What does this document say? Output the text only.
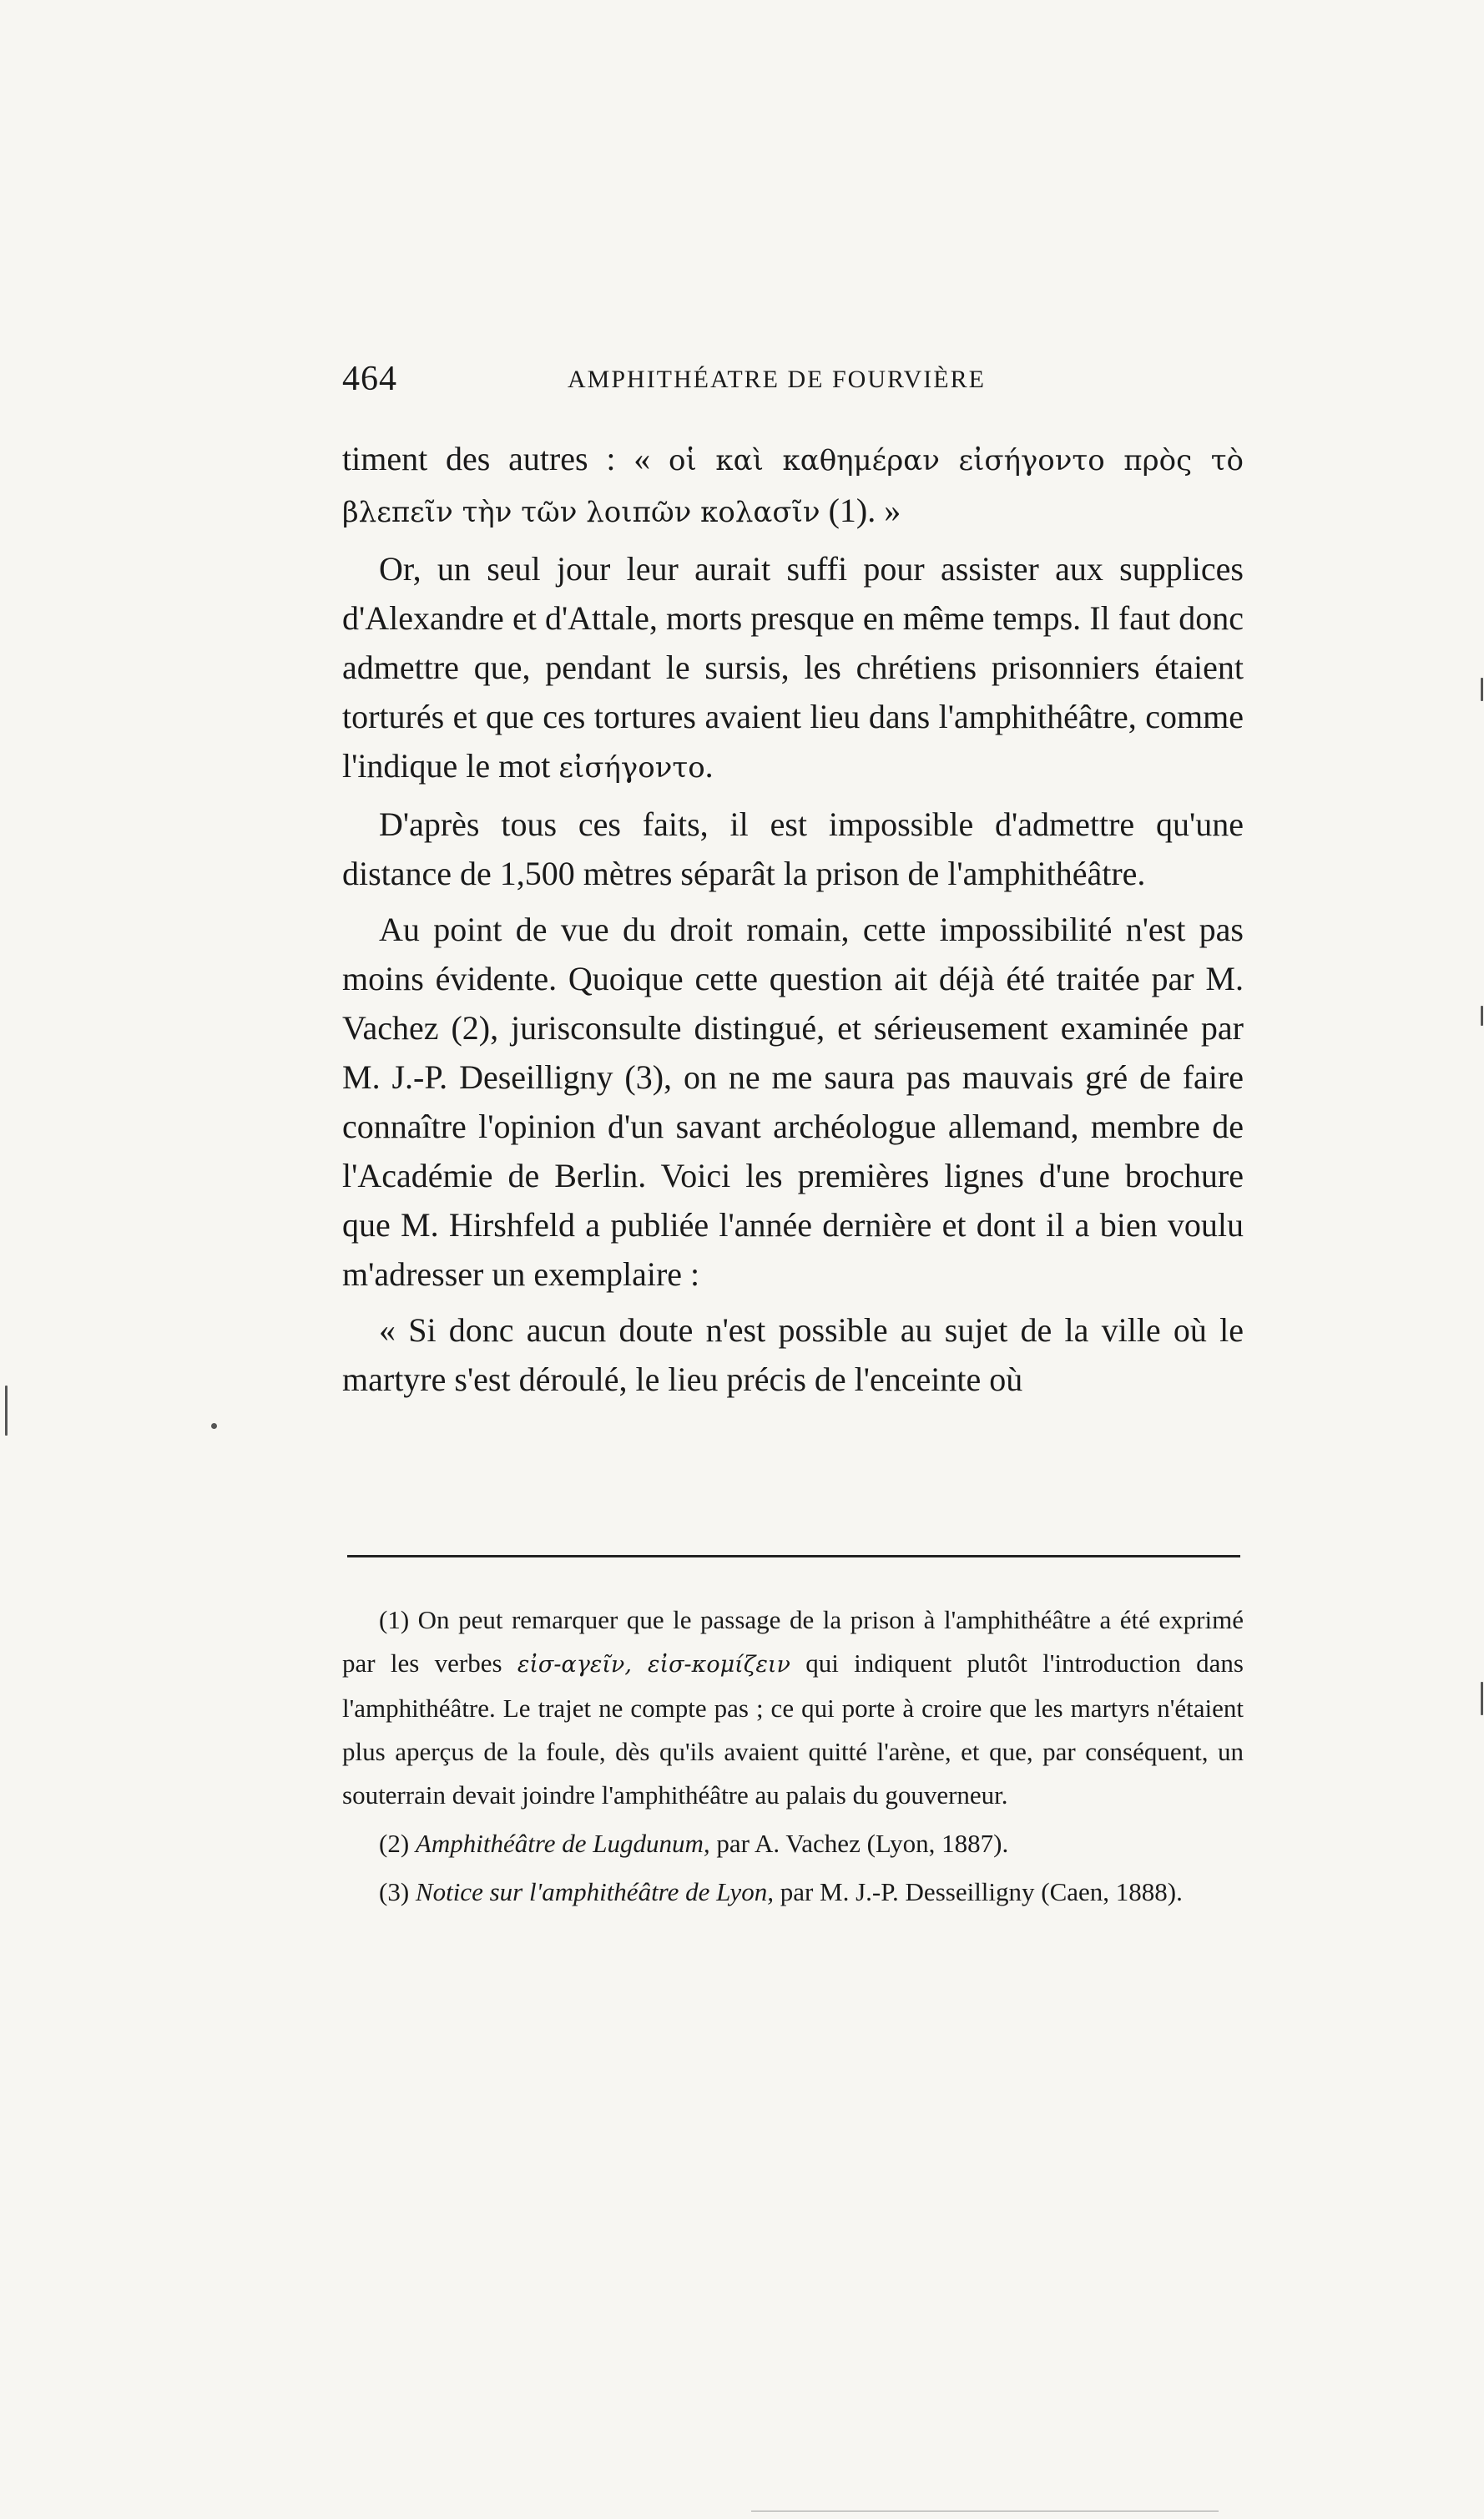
464	AMPHITHÉATRE DE FOURVIÈRE

timent des autres : « οἱ καὶ καθημέραν εἰσήγοντο πρὸς τὸ βλεπεῖν τὴν τῶν λοιπῶν κολασῖν (1). »

Or, un seul jour leur aurait suffi pour assister aux supplices d'Alexandre et d'Attale, morts presque en même temps. Il faut donc admettre que, pendant le sursis, les chrétiens prisonniers étaient torturés et que ces tortures avaient lieu dans l'amphithéâtre, comme l'indique le mot εἰσήγοντο.

D'après tous ces faits, il est impossible d'admettre qu'une distance de 1,500 mètres séparât la prison de l'amphithéâtre.

Au point de vue du droit romain, cette impossibilité n'est pas moins évidente. Quoique cette question ait déjà été traitée par M. Vachez (2), jurisconsulte distingué, et sérieusement examinée par M. J.-P. Deseilligny (3), on ne me saura pas mauvais gré de faire connaître l'opinion d'un savant archéologue allemand, membre de l'Académie de Berlin. Voici les premières lignes d'une brochure que M. Hirshfeld a publiée l'année dernière et dont il a bien voulu m'adresser un exemplaire :

« Si donc aucun doute n'est possible au sujet de la ville où le martyre s'est déroulé, le lieu précis de l'enceinte où

(1) On peut remarquer que le passage de la prison à l'amphithéâtre a été exprimé par les verbes εἰσ-αγεῖν, εἰσ-κομίζειν qui indiquent plutôt l'introduction dans l'amphithéâtre. Le trajet ne compte pas ; ce qui porte à croire que les martyrs n'étaient plus aperçus de la foule, dès qu'ils avaient quitté l'arène, et que, par conséquent, un souterrain devait joindre l'amphithéâtre au palais du gouverneur.

(2) Amphithéâtre de Lugdunum, par A. Vachez (Lyon, 1887).

(3) Notice sur l'amphithéâtre de Lyon, par M. J.-P. Desseilligny (Caen, 1888).
